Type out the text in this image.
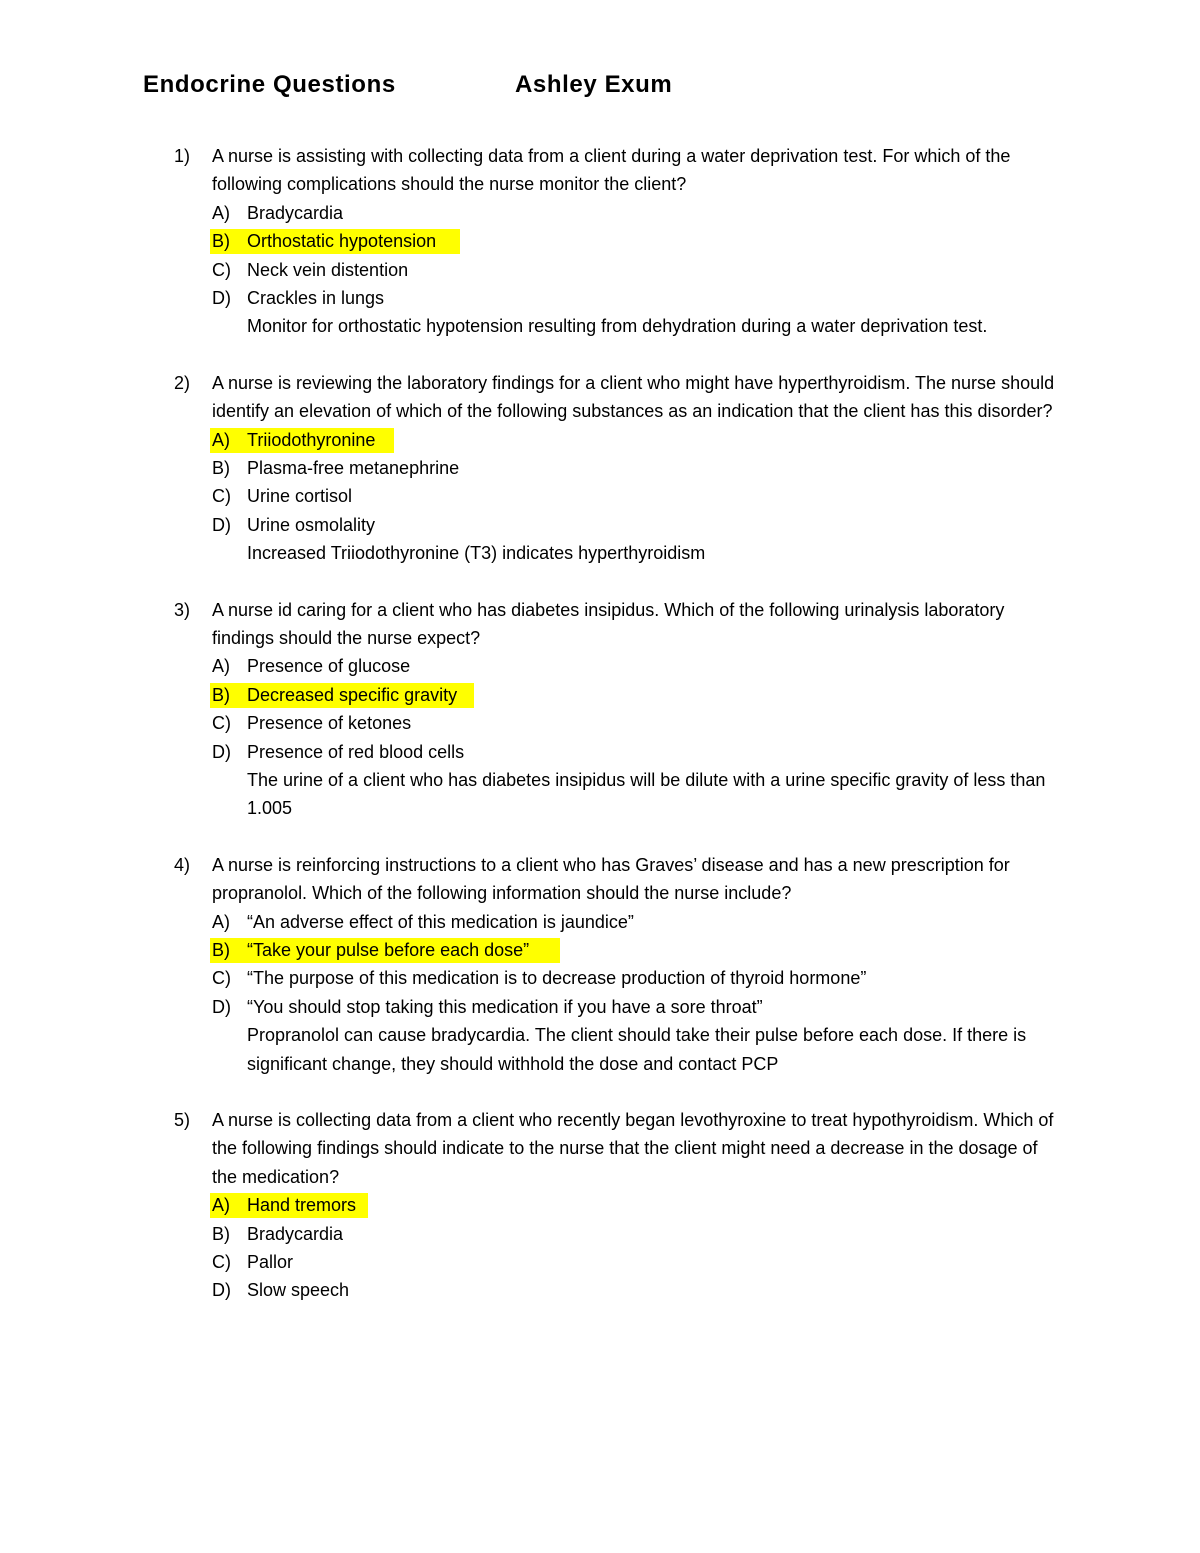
Endocrine Questions	Ashley Exum
1) A nurse is assisting with collecting data from a client during a water deprivation test. For which of the following complications should the nurse monitor the client?
A) Bradycardia
B) Orthostatic hypotension
C) Neck vein distention
D) Crackles in lungs
Monitor for orthostatic hypotension resulting from dehydration during a water deprivation test.
2) A nurse is reviewing the laboratory findings for a client who might have hyperthyroidism. The nurse should identify an elevation of which of the following substances as an indication that the client has this disorder?
A) Triiodothyronine
B) Plasma-free metanephrine
C) Urine cortisol
D) Urine osmolality
Increased Triiodothyronine (T3) indicates hyperthyroidism
3) A nurse id caring for a client who has diabetes insipidus. Which of the following urinalysis laboratory findings should the nurse expect?
A) Presence of glucose
B) Decreased specific gravity
C) Presence of ketones
D) Presence of red blood cells
The urine of a client who has diabetes insipidus will be dilute with a urine specific gravity of less than 1.005
4) A nurse is reinforcing instructions to a client who has Graves’ disease and has a new prescription for propranolol. Which of the following information should the nurse include?
A) “An adverse effect of this medication is jaundice”
B) “Take your pulse before each dose”
C) “The purpose of this medication is to decrease production of thyroid hormone”
D) “You should stop taking this medication if you have a sore throat”
Propranolol can cause bradycardia. The client should take their pulse before each dose. If there is significant change, they should withhold the dose and contact PCP
5) A nurse is collecting data from a client who recently began levothyroxine to treat hypothyroidism. Which of the following findings should indicate to the nurse that the client might need a decrease in the dosage of the medication?
A) Hand tremors
B) Bradycardia
C) Pallor
D) Slow speech
